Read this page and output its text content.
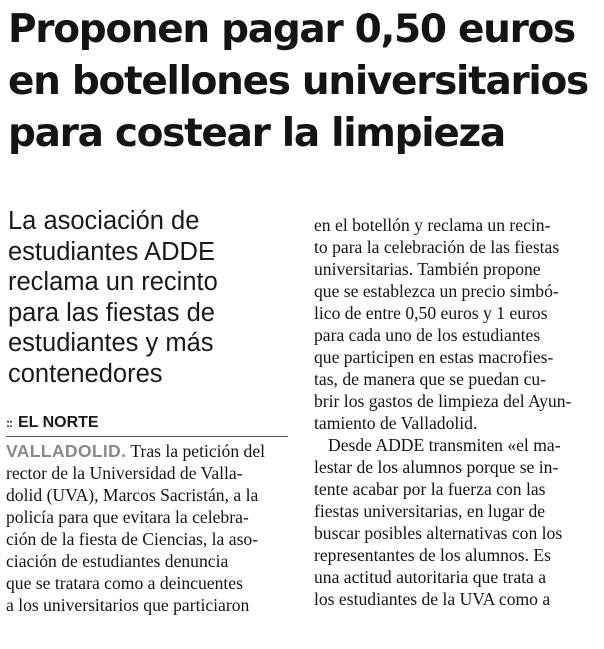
Proponen pagar 0,50 euros
en botellones universitarios
para costear la limpieza
La asociación de
estudiantes ADDE
reclama un recinto
para las fiestas de
estudiantes y más
contenedores
:: EL NORTE
VALLADOLID. Tras la petición del
rector de la Universidad de Valla-
dolid (UVA), Marcos Sacristán, a la
policía para que evitara la celebra-
ción de la fiesta de Ciencias, la aso-
ciación de estudiantes denuncia
que se tratara como a deincuentes
a los universitarios que particiaron
en el botellón y reclama un recin-
to para la celebración de las fiestas
universitarias. También propone
que se establezca un precio simbó-
lico de entre 0,50 euros y 1 euros
para cada uno de los estudiantes
que participen en estas macrofies-
tas, de manera que se puedan cu-
brir los gastos de limpieza del Ayun-
tamiento de Valladolid.
Desde ADDE transmiten «el ma-
lestar de los alumnos porque se in-
tente acabar por la fuerza con las
fiestas universitarias, en lugar de
buscar posibles alternativas con los
representantes de los alumnos. Es
una actitud autoritaria que trata a
los estudiantes de la UVA como a
